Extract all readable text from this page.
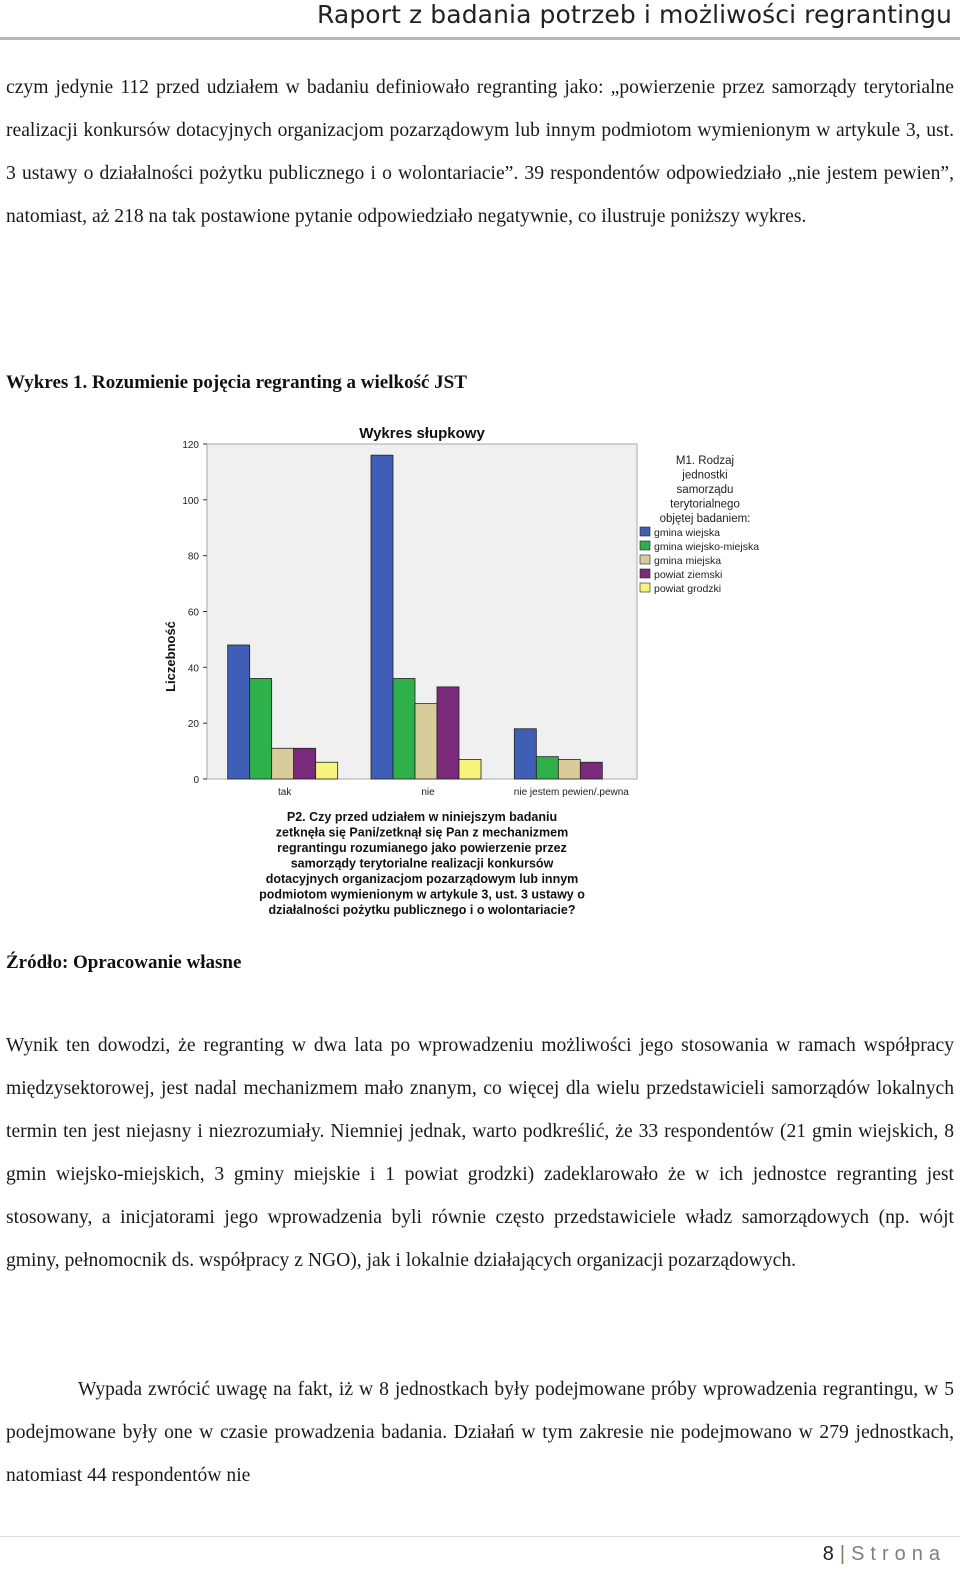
Raport z badania potrzeb i możliwości regrantingu

czym jedynie 112 przed udziałem w badaniu definiowało regranting jako: „powierzenie przez samorządy terytorialne realizacji konkursów dotacyjnych organizacjom pozarządowym lub innym podmiotom wymienionym w artykule 3, ust. 3 ustawy o działalności pożytku publicznego i o wolontariacie”. 39 respondentów odpowiedziało „nie jestem pewien”, natomiast, aż 218 na tak postawione pytanie odpowiedziało negatywnie, co ilustruje poniższy wykres.

Wykres 1. Rozumienie pojęcia regranting a wielkość JST

Wykres słupkowy
0
20
40
60
80
100
120
Liczebność
tak	nie	nie jestem pewien/.pewna
P2. Czy przed udziałem w niniejszym badaniu
zetknęła się Pani/zetknął się Pan z mechanizmem
regrantingu rozumianego jako powierzenie przez
samorządy terytorialne realizacji konkursów
dotacyjnych organizacjom pozarządowym lub innym
podmiotom wymienionym w artykule 3, ust. 3 ustawy o
działalności pożytku publicznego i o wolontariacie?
M1. Rodzaj
jednostki
samorządu
terytorialnego
objętej badaniem:
gmina wiejska
gmina wiejsko-miejska
gmina miejska
powiat ziemski
powiat grodzki

Źródło: Opracowanie własne

Wynik ten dowodzi, że regranting w dwa lata po wprowadzeniu możliwości jego stosowania w ramach współpracy międzysektorowej, jest nadal mechanizmem mało znanym, co więcej dla wielu przedstawicieli samorządów lokalnych termin ten jest niejasny i niezrozumiały. Niemniej jednak, warto podkreślić, że 33 respondentów (21 gmin wiejskich, 8 gmin wiejsko-miejskich, 3 gminy miejskie i 1 powiat grodzki) zadeklarowało że w ich jednostce regranting jest stosowany, a inicjatorami jego wprowadzenia byli równie często przedstawiciele władz samorządowych (np. wójt gminy, pełnomocnik ds. współpracy z NGO), jak i lokalnie działających organizacji pozarządowych.

Wypada zwrócić uwagę na fakt, iż w 8 jednostkach były podejmowane próby wprowadzenia regrantingu, w 5 podejmowane były one w czasie prowadzenia badania. Działań w tym zakresie nie podejmowano w 279 jednostkach, natomiast 44 respondentów nie

8 | Strona
